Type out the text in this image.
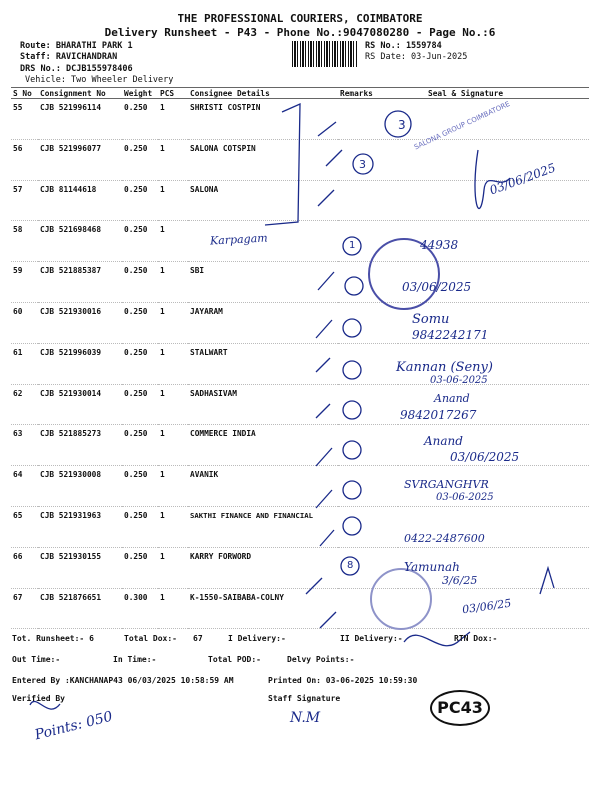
THE PROFESSIONAL COURIERS, COIMBATORE
Delivery Runsheet - P43 - Phone No.:9047080280 - Page No.:6
Route: BHARATHI PARK 1
Staff: RAVICHANDRAN
DRS No.: DCJB155978406
Vehicle: Two Wheeler Delivery
RS No.: 1559784
RS Date: 03-Jun-2025
S No	Consignment No	Weight	PCS	Consignee Details	Remarks	Seal & Signature
55	CJB 521996114	0.250	1	SHRISTI COSTPIN		
56	CJB 521996077	0.250	1	SALONA COTSPIN		
57	CJB 81144618	0.250	1	SALONA		
58	CJB 521698468	0.250	1			
59	CJB 521885387	0.250	1	SBI		
60	CJB 521930016	0.250	1	JAYARAM		
61	CJB 521996039	0.250	1	STALWART		
62	CJB 521930014	0.250	1	SADHASIVAM		
63	CJB 521885273	0.250	1	COMMERCE INDIA		
64	CJB 521930008	0.250	1	AVANIK		
65	CJB 521931963	0.250	1	SAKTHI FINANCE AND FINANCIAL		
66	CJB 521930155	0.250	1	KARRY FORWORD		
67	CJB 521876651	0.300	1	K-1550-SAIBABA-COLNY		
SALONA GROUP COIMBATORE
3
3
1
8
Karpagam	44938
03/06/2025
03/06/2025
Somu
9842242171
Kannan (Seny)
03-06-2025
Anand
9842017267
Anand
03/06/2025
SVRGANGHVR
03-06-2025
0422-2487600
Yamunah
3/6/25
03/06/25
Tot. Runsheet:- 6	Total Dox:- 67	I Delivery:-	II Delivery:-	RTN Dox:-
Out Time:-	In Time:-	Total POD:-	Delvy Points:-
Entered By :KANCHANAP43 06/03/2025 10:58:59 AM	Printed On: 03-06-2025 10:59:30
Verified By	Staff Signature
Points: 050	N.M
PC43
